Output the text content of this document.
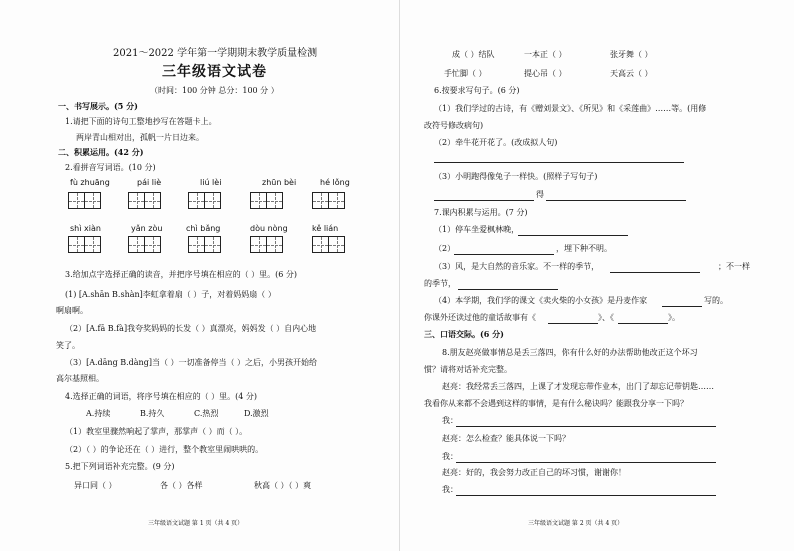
2021～2022 学年第一学期期末教学质量检测
三年级语文试卷
（时间：100 分钟 总分：100 分 ）
一、书写展示。(5 分)
1.请把下面的诗句工整地抄写在答题卡上。
两岸青山相对出，孤帆一片日边来。
二、积累运用。(42 分)
2.看拼音写词语。(10 分)
fù zhuāng	pái liè	liú lèi	zhūn bèi	hé lǒng
shì xiàn	yǎn zòu	chì bǎng	dòu nòng	kě lián
3.给加点字选择正确的读音，并把序号填在相应的（ ）里。(6 分)
(1) [A.shān B.shàn]李虹拿着扇（ ）子，对着妈妈扇（ ）
啊扇啊。
（2）[A.fā B.fà]我夸奖妈妈的长发（ ）真漂亮，妈妈发（ ）自内心地
笑了。
（3）[A.dāng B.dàng]当（ ）一切准备停当（ ）之后，小男孩开始给
高尔基照相。
4.选择正确的词语，将序号填在相应的（ ）里。(4 分)
A.持续	B.持久	C.热烈	D.激烈
（1）教室里骤然响起了掌声，那掌声（ ）而（ ）。
（2）（ ）的争论还在（ ）进行，整个教室里闹哄哄的。
5.把下列词语补充完整。(9 分)
异口同（ ）	各（ ）各样	秋高（ ）（ ）爽
三年级语文试题 第 1 页（共 4 页）
成（ ）结队	一本正（ ）	张牙舞（ ）
手忙脚（ ）	提心吊（ ）	天高云（ ）
6.按要求写句子。(6 分)
（1）我们学过的古诗，有《赠刘景文》、《所见》和《采莲曲》……等。(用修
改符号修改病句)
（2）牵牛花开花了。(改成拟人句)
（3）小明跑得像兔子一样快。(照样子写句子)
得
7.课内积累与运用。(7 分)
（1）停车坐爱枫林晚，
（2）	，埋下种不明。
（3）风，是大自然的音乐家。不一样的季节，	；不一样
的季节，
（4）本学期，我们学的课文《卖火柴的小女孩》是丹麦作家	写的。
你课外还读过他的童话故事有《	》、《	》。
三、口语交际。(6 分)
8.朋友赵亮做事情总是丢三落四，你有什么好的办法帮助他改正这个坏习
惯？请将对话补充完整。
赵亮：我经常丢三落四，上课了才发现忘带作业本，出门了却忘记带钥匙……
我看你从来都不会遇到这样的事情，是有什么秘诀吗？能跟我分享一下吗？
我：
赵亮：怎么检查？能具体说一下吗？
我：
赵亮：好的，我会努力改正自己的坏习惯，谢谢你！
我：
三年级语文试题 第 2 页（共 4 页）
